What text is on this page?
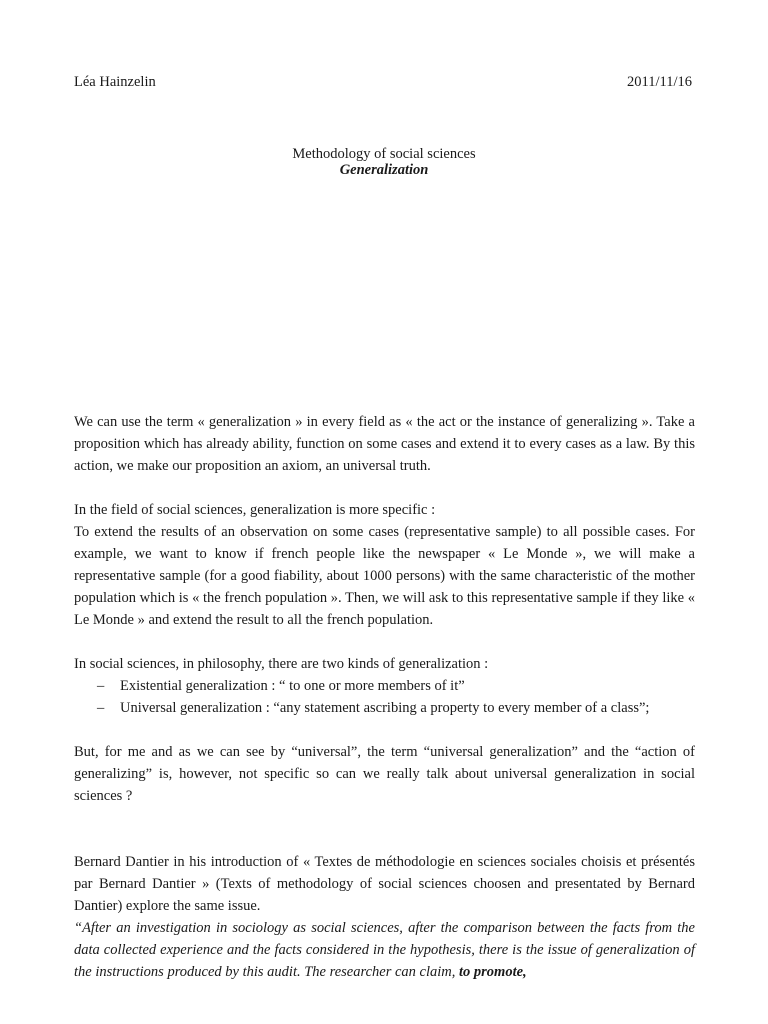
Léa Hainzelin	2011/11/16
Methodology of social sciences
Generalization

We can use the term « generalization » in every field as « the act or the instance of generalizing ». Take a proposition which has already ability, function on some cases and extend it to every cases as a law. By this action, we make our proposition an axiom, an universal truth.

In the field of social sciences, generalization is more specific :

To extend the results of an observation on some cases (representative sample) to all possible cases. For example, we want to know if french people like the newspaper « Le Monde », we will make a representative sample (for a good fiability, about 1000 persons) with the same characteristic of the mother population which is « the french population ». Then, we will ask to this representative sample if they like « Le Monde » and extend the result to all the french population.

In social sciences, in philosophy, there are two kinds of generalization :

– Existential generalization : “ to one or more members of it”
– Universal generalization : “any statement ascribing a property to every member of a class”;

But, for me and as we can see by “universal”, the term “universal generalization” and the “action of generalizing” is, however, not specific so can we really talk about universal generalization in social sciences ?

Bernard Dantier in his introduction of « Textes de méthodologie en sciences sociales choisis et présentés par Bernard Dantier » (Texts of methodology of social sciences choosen and presentated by Bernard Dantier) explore the same issue.

“After an investigation in sociology as social sciences, after the comparison between the facts from the data collected experience and the facts considered in the hypothesis, there is the issue of generalization of the instructions produced by this audit. The researcher can claim, to promote,
